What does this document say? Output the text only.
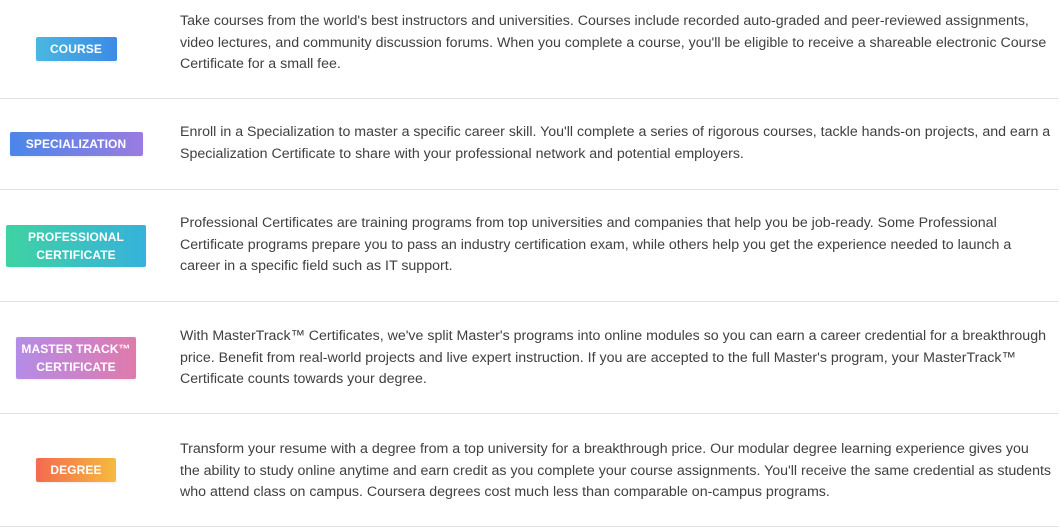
COURSE
Take courses from the world's best instructors and universities. Courses include recorded auto-graded and peer-reviewed assignments, video lectures, and community discussion forums. When you complete a course, you'll be eligible to receive a shareable electronic Course Certificate for a small fee.
SPECIALIZATION
Enroll in a Specialization to master a specific career skill. You'll complete a series of rigorous courses, tackle hands-on projects, and earn a Specialization Certificate to share with your professional network and potential employers.
PROFESSIONAL
CERTIFICATE
Professional Certificates are training programs from top universities and companies that help you be job-ready. Some Professional Certificate programs prepare you to pass an industry certification exam, while others help you get the experience needed to launch a career in a specific field such as IT support.
MASTER TRACK™
CERTIFICATE
With MasterTrack™ Certificates, we've split Master's programs into online modules so you can earn a career credential for a breakthrough price. Benefit from real-world projects and live expert instruction. If you are accepted to the full Master's program, your MasterTrack™ Certificate counts towards your degree.
DEGREE
Transform your resume with a degree from a top university for a breakthrough price. Our modular degree learning experience gives you the ability to study online anytime and earn credit as you complete your course assignments. You'll receive the same credential as students who attend class on campus. Coursera degrees cost much less than comparable on-campus programs.
